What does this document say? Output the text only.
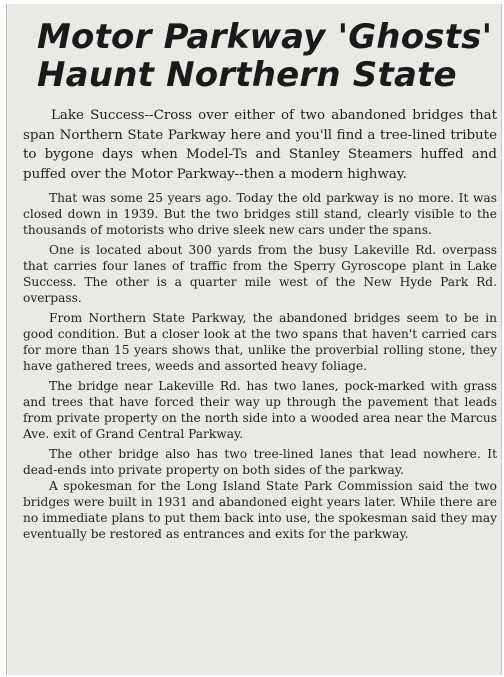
Motor Parkway 'Ghosts'
Haunt Northern State

Lake Success--Cross over either of two abandoned bridges that span Northern State Parkway here and you'll find a tree-lined tribute to bygone days when Model-Ts and Stanley Steamers huffed and puffed over the Motor Parkway--then a modern highway.

That was some 25 years ago. Today the old parkway is no more. It was closed down in 1939. But the two bridges still stand, clearly visible to the thousands of motorists who drive sleek new cars under the spans.

One is located about 300 yards from the busy Lakeville Rd. overpass that carries four lanes of traffic from the Sperry Gyroscope plant in Lake Success. The other is a quarter mile west of the New Hyde Park Rd. overpass.

From Northern State Parkway, the abandoned bridges seem to be in good condition. But a closer look at the two spans that haven't carried cars for more than 15 years shows that, unlike the proverbial rolling stone, they have gathered trees, weeds and assorted heavy foliage.

The bridge near Lakeville Rd. has two lanes, pock-marked with grass and trees that have forced their way up through the pavement that leads from private property on the north side into a wooded area near the Marcus Ave. exit of Grand Central Parkway.

The other bridge also has two tree-lined lanes that lead nowhere. It dead-ends into private property on both sides of the parkway.

A spokesman for the Long Island State Park Commission said the two bridges were built in 1931 and abandoned eight years later. While there are no immediate plans to put them back into use, the spokesman said they may eventually be restored as entrances and exits for the parkway.
